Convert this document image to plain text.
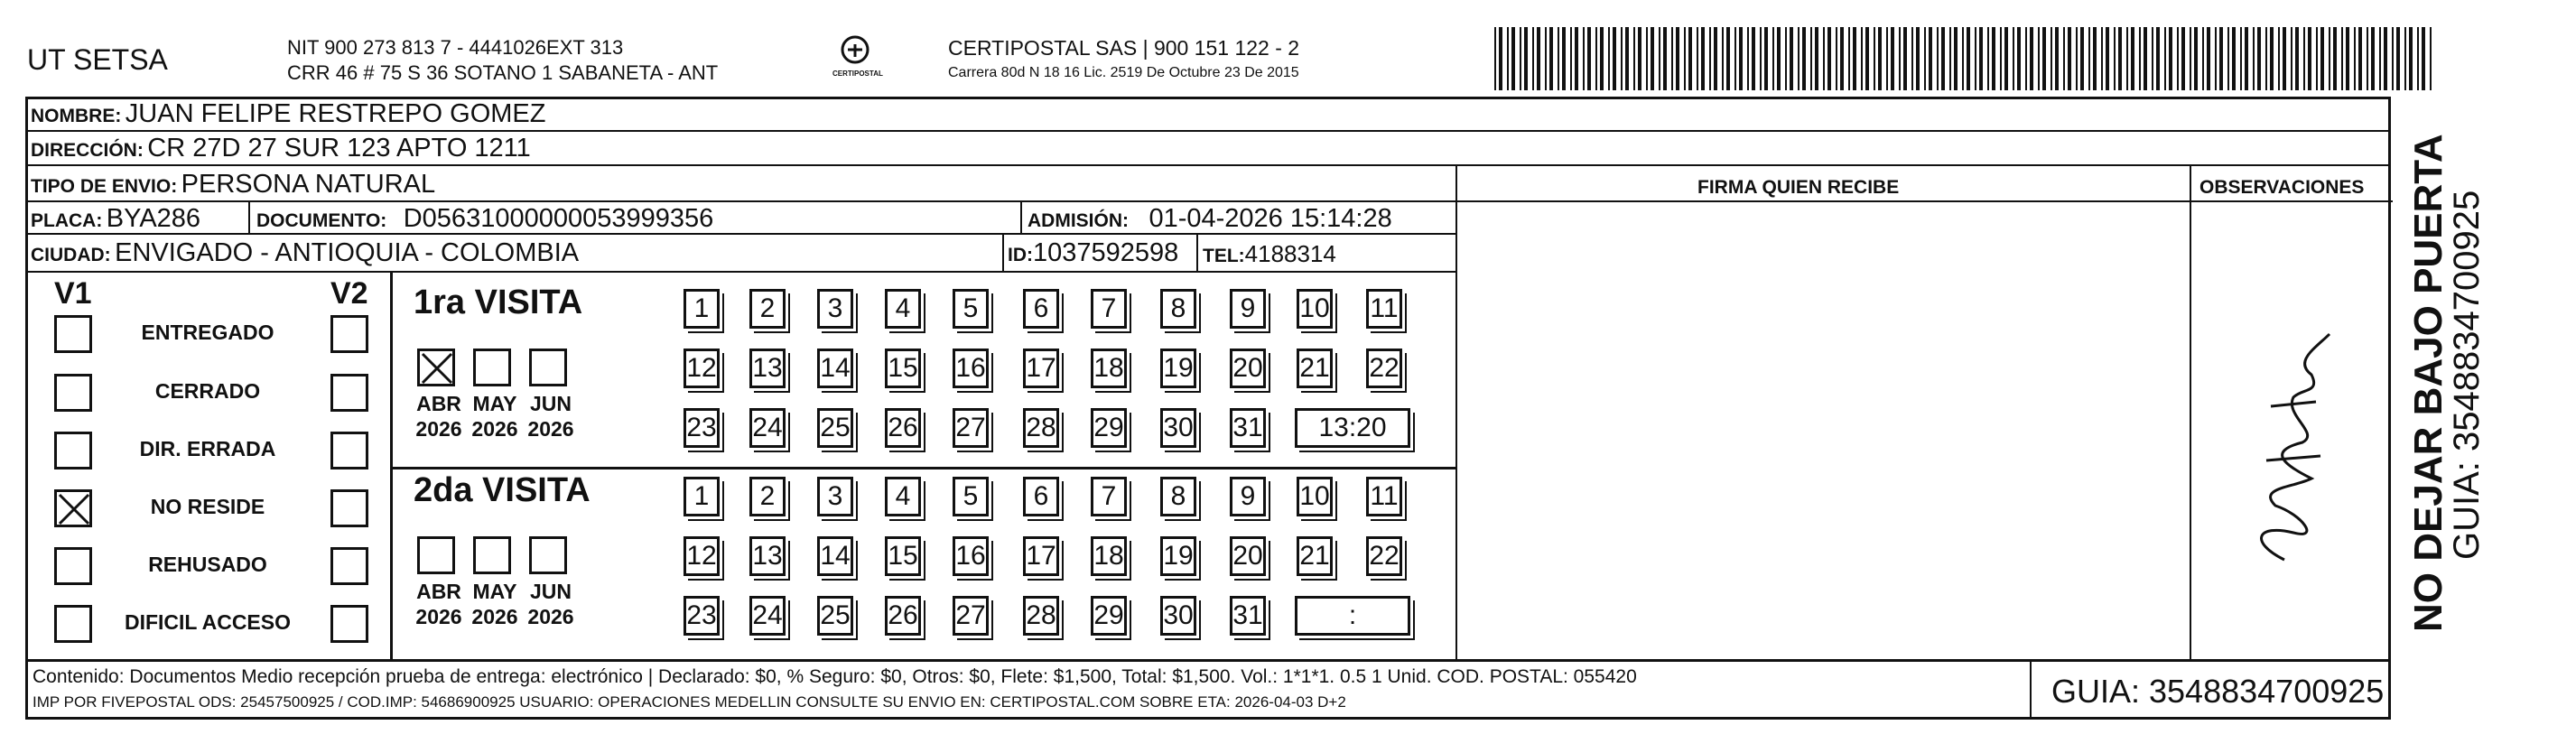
UT SETSA	NIT 900 273 813 7 - 4441026EXT 313
CRR 46 # 75 S 36 SOTANO 1 SABANETA - ANT	CERTIPOSTAL
CERTIPOSTAL SAS | 900 151 122 - 2
Carrera 80d N 18 16 Lic. 2519 De Octubre 23 De 2015
NOMBRE: JUAN FELIPE RESTREPO GOMEZ
DIRECCIÓN: CR 27D 27 SUR 123 APTO 1211
TIPO DE ENVIO: PERSONA NATURAL	FIRMA QUIEN RECIBE	OBSERVACIONES
PLACA: BYA286	DOCUMENTO: D05631000000053999356	ADMISIÓN: 01-04-2026 15:14:28
CIUDAD: ENVIGADO - ANTIOQUIA - COLOMBIA	ID:1037592598 TEL:4188314
V1	V2
ENTREGADO
CERRADO
DIR. ERRADA
NO RESIDE
REHUSADO
DIFICIL ACCESO
1ra VISITA
ABR
2026
MAY
2026
JUN
2026
1	2	3	4	5	6	7	8	9	10 11
12 13 14 15 16 17 18 19 20 21 22
23 24 25 26 27 28 29 30 31	13:20
2da VISITA
ABR
2026
MAY
2026
JUN
2026
1	2	3	4	5	6	7	8	9	10 11
12 13 14 15 16 17 18 19 20 21 22
23 24 25 26 27 28 29 30 31	:
Contenido: Documentos Medio recepción prueba de entrega: electrónico | Declarado: $0, % Seguro: $0, Otros: $0, Flete: $1,500, Total: $1,500. Vol.: 1*1*1. 0.5 1 Unid. COD. POSTAL: 055420
IMP POR FIVEPOSTAL ODS: 25457500925 / COD.IMP: 54686900925 USUARIO: OPERACIONES MEDELLIN CONSULTE SU ENVIO EN: CERTIPOSTAL.COM SOBRE ETA: 2026-04-03 D+2	GUIA: 3548834700925
NO DEJAR BAJO PUERTA
GUIA: 3548834700925
